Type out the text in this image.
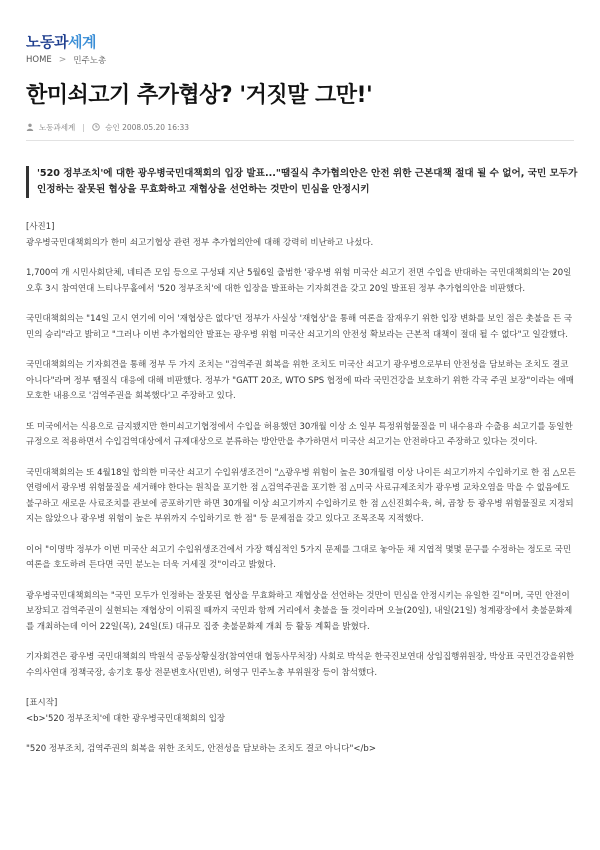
노동과세계
HOME > 민주노총
한미쇠고기 추가협상? '거짓말 그만!'
노동과세계	승인 2008.05.20 16:33
'520 정부조치'에 대한 광우병국민대책회의 입장 발표..."땜질식 추가협의안은 안전 위한 근본대책 절대 될 수 없어, 국민 모두가 인정하는 잘못된 협상을 무효화하고 재협상을 선언하는 것만이 민심을 안정시키

[사진1]

광우병국민대책회의가 한미 쇠고기협상 관련 정부 추가협의안에 대해 강력히 비난하고 나섰다.

1,700여 개 시민사회단체, 네티즌 모임 등으로 구성돼 지난 5월6일 출범한 '광우병 위험 미국산 쇠고기 전면 수입을 반대하는 국민대책회의'는 20일 오후 3시 참여연대 느티나무홀에서 '520 정부조치'에 대한 입장을 발표하는 기자회견을 갖고 20일 발표된 정부 추가협의안을 비판했다.

국민대책회의는 "14일 고시 연기에 이어 '재협상은 없다'던 정부가 사실상 '재협상'을 통해 여론을 잠재우기 위한 입장 변화를 보인 점은 촛불을 든 국민의 승리"라고 밝히고 "그러나 이번 추가협의안 발표는 광우병 위험 미국산 쇠고기의 안전성 확보라는 근본적 대책이 절대 될 수 없다"고 일갈했다.

국민대책회의는 기자회견을 통해 정부 두 가지 조치는 "검역주권 회복을 위한 조치도 미국산 쇠고기 광우병으로부터 안전성을 담보하는 조치도 결코 아니다"라며 정부 땜질식 대응에 대해 비판했다. 정부가 "GATT 20조, WTO SPS 협정에 따라 국민건강을 보호하기 위한 각국 주권 보장"이라는 애매모호한 내용으로 '검역주권을 회복했다'고 주장하고 있다.

또 미국에서는 식용으로 금지됐지만 한미쇠고기협정에서 수입을 허용했던 30개월 이상 소 일부 특정위험물질을 미 내수용과 수출용 쇠고기를 동일한 규정으로 적용하면서 수입검역대상에서 규제대상으로 분류하는 방안만을 추가하면서 미국산 쇠고기는 안전하다고 주장하고 있다는 것이다.

국민대책회의는 또 4월18일 합의한 미국산 쇠고기 수입위생조건이 "△광우병 위험이 높은 30개월령 이상 나이든 쇠고기까지 수입하기로 한 점 △모든 연령에서 광우병 위험물질을 세거해야 한다는 원칙을 포기한 점 △검역주권을 포기한 점 △미국 사료규제조치가 광우병 교차오염을 막을 수 없음에도 불구하고 새로운 사료조치를 관보에 공포하기만 하면 30개월 이상 쇠고기까지 수입하기로 한 점 △신진회수육, 혀, 곱창 등 광우병 위험물질로 지정되지는 않았으나 광우병 위험이 높은 부위까지 수입하기로 한 점" 등 문제점을 갖고 있다고 조목조목 지적했다.

이어 "이명박 정부가 이번 미국산 쇠고기 수입위생조건에서 가장 핵심적인 5가지 문제를 그대로 놓아둔 채 지엽적 몇몇 문구를 수정하는 정도로 국민여론을 호도하려 든다면 국민 분노는 더욱 거세질 것"이라고 밝혔다.

광우병국민대책회의는 "국민 모두가 인정하는 잘못된 협상을 무효화하고 재협상을 선언하는 것만이 민심을 안정시키는 유일한 길"이며, 국민 안전이 보장되고 검역주권이 실현되는 재협상이 이뤄질 때까지 국민과 함께 거리에서 촛불을 들 것이라며 오늘(20일), 내일(21일) 청계광장에서 촛불문화제를 개최하는데 이어 22일(목), 24일(토) 대규모 집중 촛불문화제 개최 등 활동 계획을 밝혔다.

기자회견은 광우병 국민대책회의 박원석 공동상황실장(참여연대 협동사무처장) 사회로 박석운 한국진보연대 상임집행위원장, 박상표 국민건강을위한수의사연대 정책국장, 송기호 통상 전문변호사(민변), 허영구 민주노총 부위원장 등이 참석했다.

[표시작]

<b>'520 정부조치'에 대한 광우병국민대책회의 입장

"520 정부조치, 검역주권의 회복을 위한 조치도, 안전성을 담보하는 조치도 결코 아니다"</b>
